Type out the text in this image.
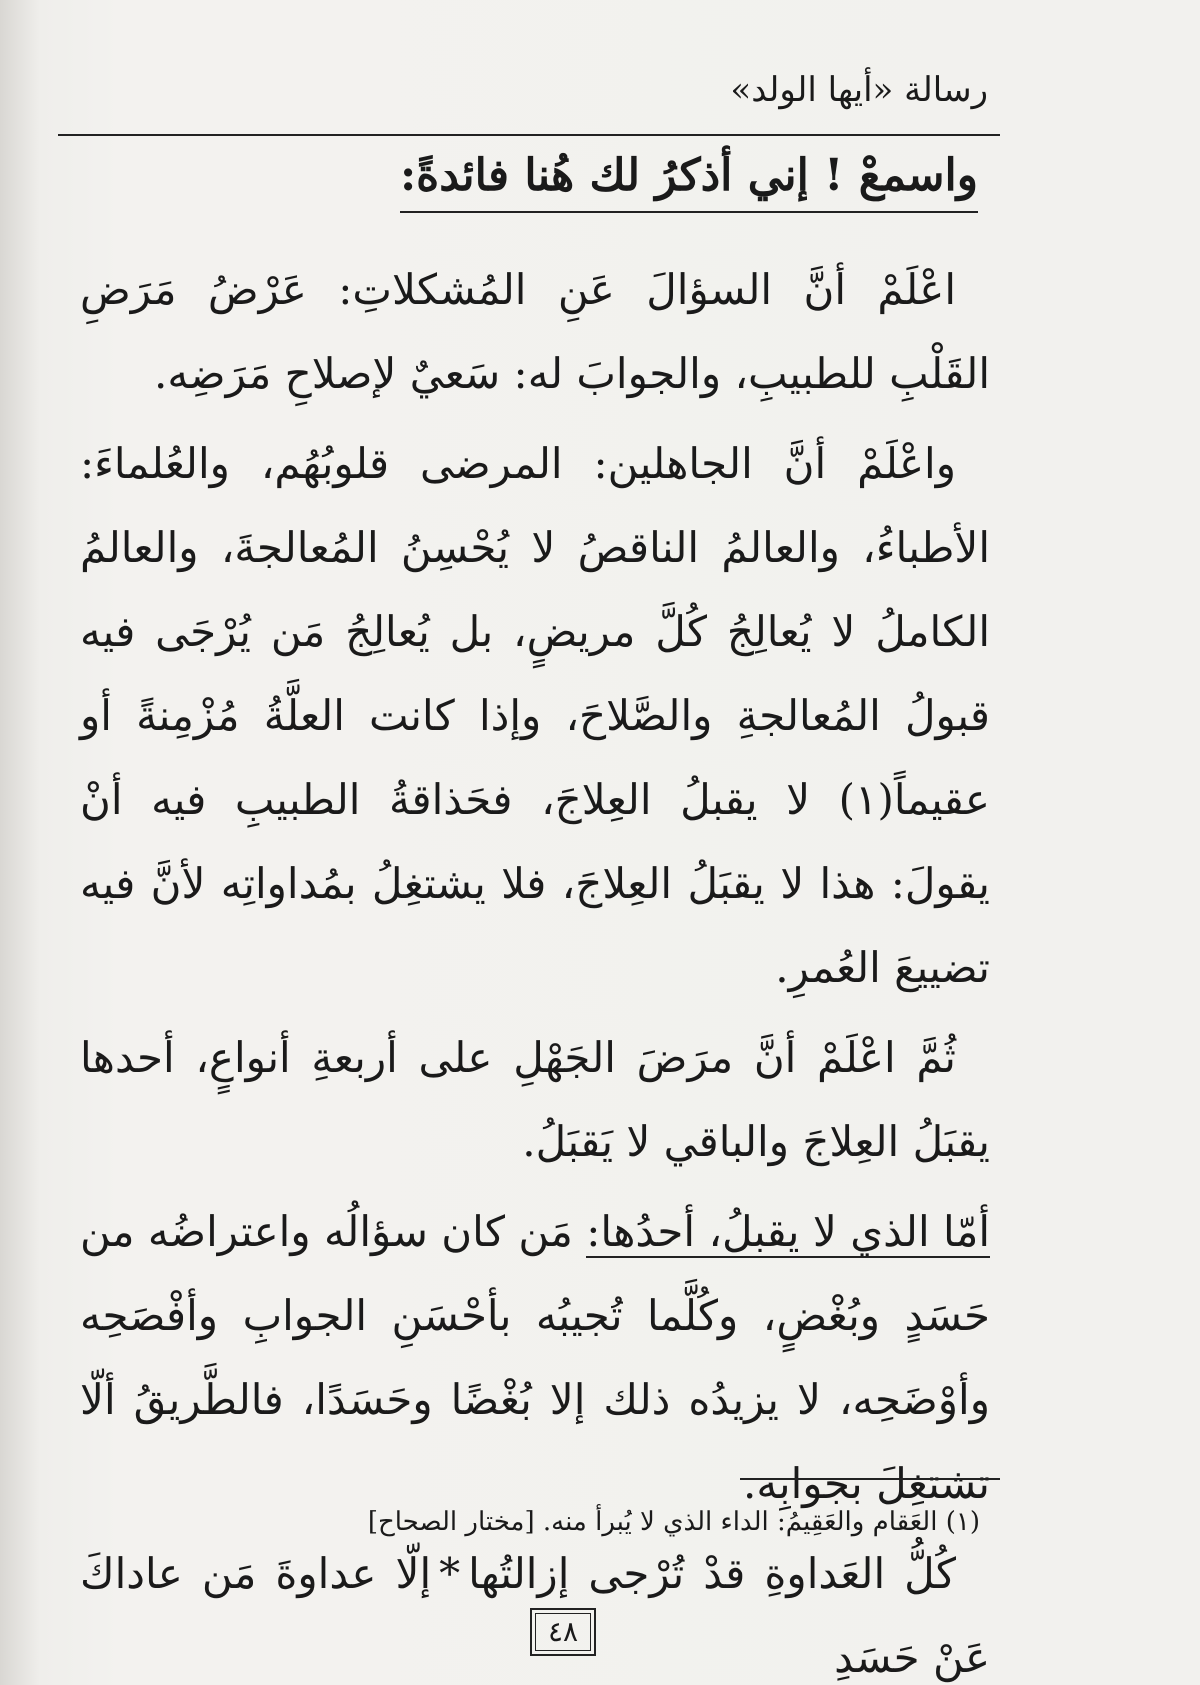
رسالة «أيها الولد»
واسمعْ ! إني أذكرُ لك هُنا فائدةً:

اعْلَمْ أنَّ السؤالَ عَنِ المُشكلاتِ: عَرْضُ مَرَضِ القَلْبِ للطبيبِ، والجوابَ له: سَعيٌ لإصلاحِ مَرَضِه.

واعْلَمْ أنَّ الجاهلين: المرضى قلوبُهُم، والعُلماءَ: الأطباءُ، والعالمُ الناقصُ لا يُحْسِنُ المُعالجةَ، والعالمُ الكاملُ لا يُعالِجُ كُلَّ مريضٍ، بل يُعالِجُ مَن يُرْجَى فيه قبولُ المُعالجةِ والصَّلاحَ، وإذا كانت العلَّةُ مُزْمِنةً أو عقيماً(١) لا يقبلُ العِلاجَ، فحَذاقةُ الطبيبِ فيه أنْ يقولَ: هذا لا يقبَلُ العِلاجَ، فلا يشتغِلُ بمُداواتِه لأنَّ فيه تضييعَ العُمرِ.

ثُمَّ اعْلَمْ أنَّ مرَضَ الجَهْلِ على أربعةِ أنواعٍ، أحدها يقبَلُ العِلاجَ والباقي لا يَقبَلُ.

أمّا الذي لا يقبلُ، أحدُها: مَن كان سؤالُه واعتراضُه من حَسَدٍ وبُغْضٍ، وكُلَّما تُجيبُه بأحْسَنِ الجوابِ وأفْصَحِه وأوْضَحِه، لا يزيدُه ذلك إلا بُغْضًا وحَسَدًا، فالطَّريقُ ألّا تشتغِلَ بجوابِه.

كُلُّ العَداوةِ قدْ تُرْجى إزالتُها*إلّا عداوةَ مَن عاداكَ عَنْ حَسَدِ

(١) العَقام والعَقِيمُ: الداء الذي لا يُبرأ منه. [مختار الصحاح]
٤٨
